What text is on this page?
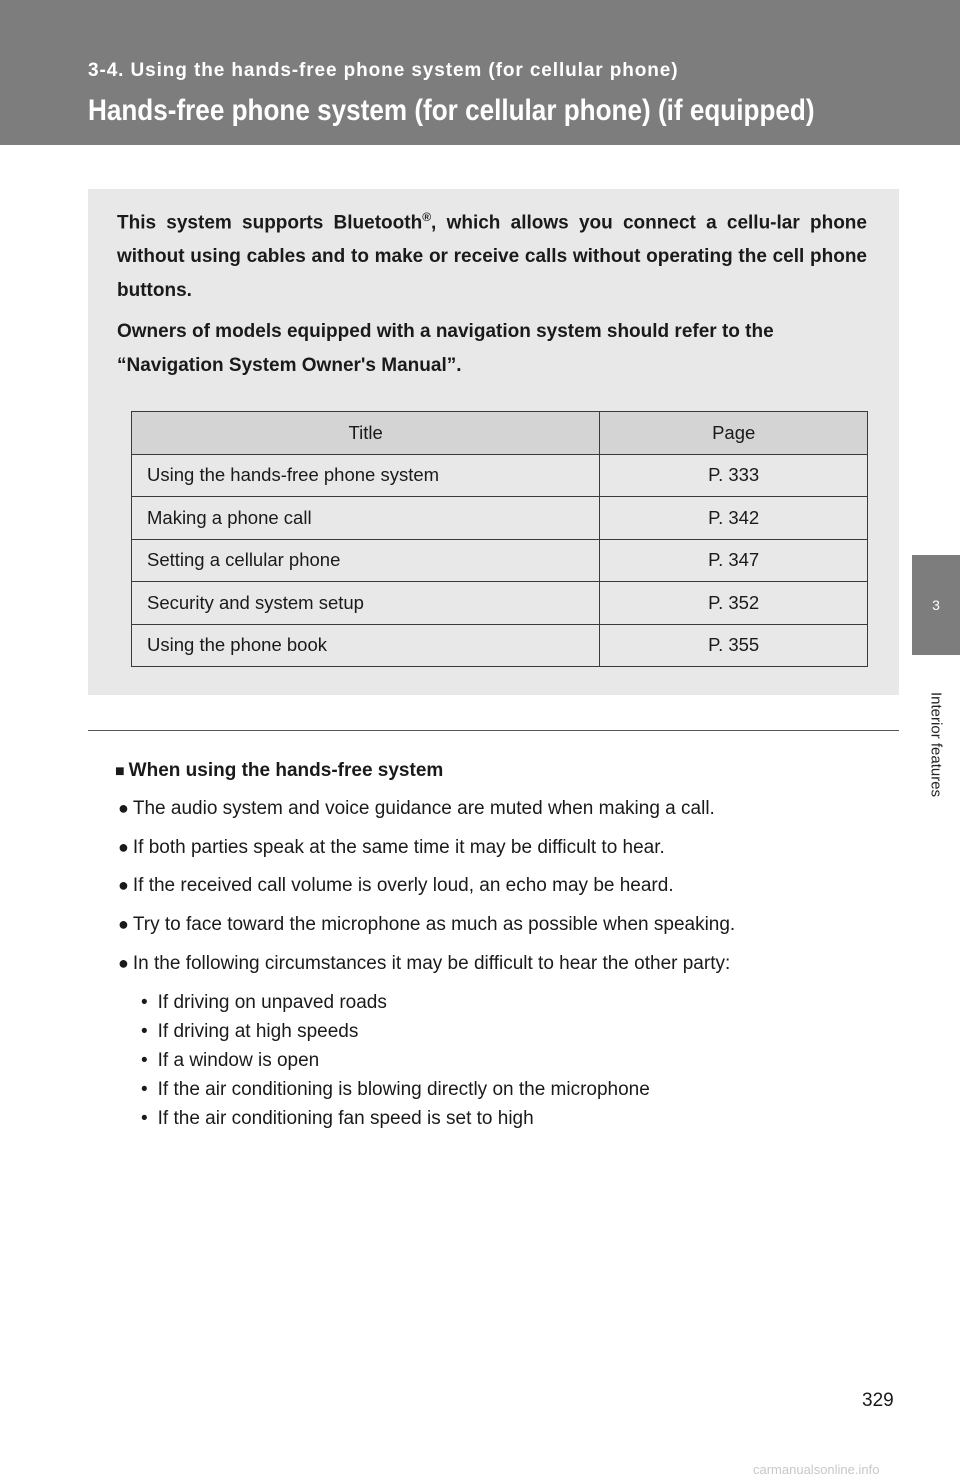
3-4. Using the hands-free phone system (for cellular phone)
Hands-free phone system (for cellular phone) (if equipped)
3
Interior features

This system supports Bluetooth®, which allows you connect a cellu-lar phone without using cables and to make or receive calls without operating the cell phone buttons.

Owners of models equipped with a navigation system should refer to the “Navigation System Owner's Manual”.

Title	Page
Using the hands-free phone system	P. 333
Making a phone call	P. 342
Setting a cellular phone	P. 347
Security and system setup	P. 352
Using the phone book	P. 355
■ When using the hands-free system
● The audio system and voice guidance are muted when making a call.
● If both parties speak at the same time it may be difficult to hear.
● If the received call volume is overly loud, an echo may be heard.
● Try to face toward the microphone as much as possible when speaking.
● In the following circumstances it may be difficult to hear the other party:
• If driving on unpaved roads
• If driving at high speeds
• If a window is open
• If the air conditioning is blowing directly on the microphone
• If the air conditioning fan speed is set to high
329
carmanualsonline.info
